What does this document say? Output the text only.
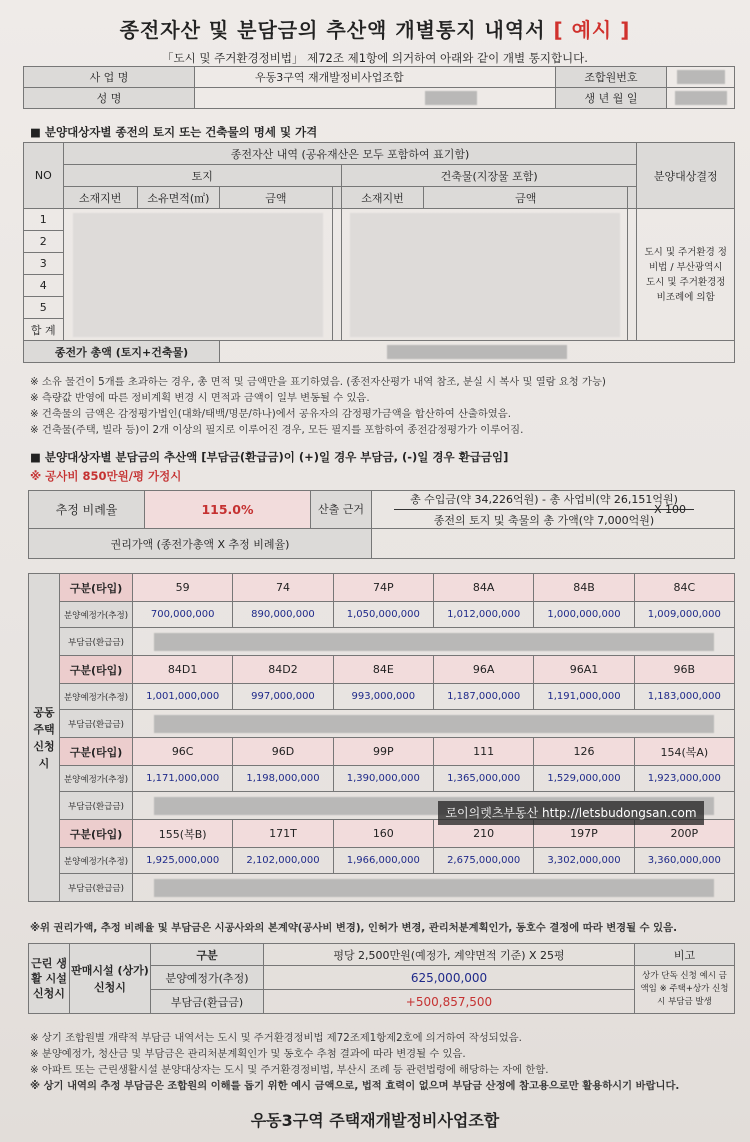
종전자산 및 분담금의 추산액 개별통지 내역서 [ 예시 ]
「도시 및 주거환경정비법」 제72조 제1항에 의거하여 아래와 같이 개별 통지합니다.
사 업 명	우동3구역 재개발정비사업조합	조합원번호	

성 명		생 년 월 일	
■ 분양대상자별 종전의 토지 또는 건축물의 명세 및 가격
NO	종전자산 내역 (공유재산은 모두 포함하여 표기함)							분양대상결정
	토지				건축물(지장물 포함)			
	소재지번	소유면적(㎡)	금액		소재지번	금액		
1								도시 및 주거환경 정비법 / 부산광역시 도시 및 주거환경정비조례에 의함
2								
3								
4								
5								
합 계								
종전가 총액 (토지+건축물)								
※ 소유 물건이 5개를 초과하는 경우, 총 면적 및 금액만을 표기하였음. (종전자산평가 내역 참조, 분실 시 복사 및 열람 요청 가능)
※ 측량값 반영에 따른 정비계획 변경 시 면적과 금액이 일부 변동될 수 있음.
※ 건축물의 금액은 감정평가법인(대화/태백/명문/하나)에서 공유자의 감정평가금액을 합산하여 산출하였음.
※ 건축물(주택, 빌라 등)이 2개 이상의 필지로 이루어진 경우, 모든 필지를 포함하여 종전감정평가가 이루어짐.
■ 분양대상자별 분담금의 추산액 [부담금(환급금)이 (+)일 경우 부담금, (-)일 경우 환급금임]
※ 공사비 850만원/평 가정시
추정 비례율	115.0%	산출 근거	총 수입금(약 34,226억원) - 총 사업비(약 26,151억원)
종전의 토지 및 축물의 총 가액(약 7,000억원)
X 100

권리가액 (종전가총액 X 추정 비례율)			
공동 주택 신청시	구분(타입)	59	74	74P	84A	84B	84C
	분양예정가(추정)	700,000,000	890,000,000	1,050,000,000	1,012,000,000	1,000,000,000	1,009,000,000
	부담금(환급금)						

	구분(타입)	84D1	84D2	84E	96A	96A1	96B
	분양예정가(추정)	1,001,000,000	997,000,000	993,000,000	1,187,000,000	1,191,000,000	1,183,000,000
	부담금(환급금)						

	구분(타입)	96C	96D	99P	111	126	154(복A)
	분양예정가(추정)	1,171,000,000	1,198,000,000	1,390,000,000	1,365,000,000	1,529,000,000	1,923,000,000
	부담금(환급금)						

	구분(타입)	155(복B)	171T	160	210	197P	200P
	분양예정가(추정)	1,925,000,000	2,102,000,000	1,966,000,000	2,675,000,000	3,302,000,000	3,360,000,000
	부담금(환급금)						
로이의렛츠부동산 http://letsbudongsan.com
※위 권리가액, 추정 비례율 및 부담금은 시공사와의 본계약(공사비 변경), 인허가 변경, 관리처분계획인가, 동호수 결정에 따라 변경될 수 있음.
근린 생활 시설 신청시	판매시설 (상가) 신청시	구분	평당 2,500만원(예정가, 계약면적 기준) X 25평	비고
		분양예정가(추정)	625,000,000	상가 단독 신청 예시 금액임 ※ 주택+상가 신청시 부담금 발생
		부담금(환급금)	+500,857,500	
※ 상기 조합원별 개략적 부담금 내역서는 도시 및 주거환경정비법 제72조제1항제2호에 의거하여 작성되었음.
※ 분양예정가, 청산금 및 부담금은 관리처분계획인가 및 동호수 추첨 결과에 따라 변경될 수 있음.
※ 아파트 또는 근린생활시설 분양대상자는 도시 및 주거환경정비법, 부산시 조례 등 관련법령에 해당하는 자에 한함.
※ 상기 내역의 추정 부담금은 조합원의 이해를 돕기 위한 예시 금액으로, 법적 효력이 없으며 부담금 산정에 참고용으로만 활용하시기 바랍니다.
우동3구역 주택재개발정비사업조합
